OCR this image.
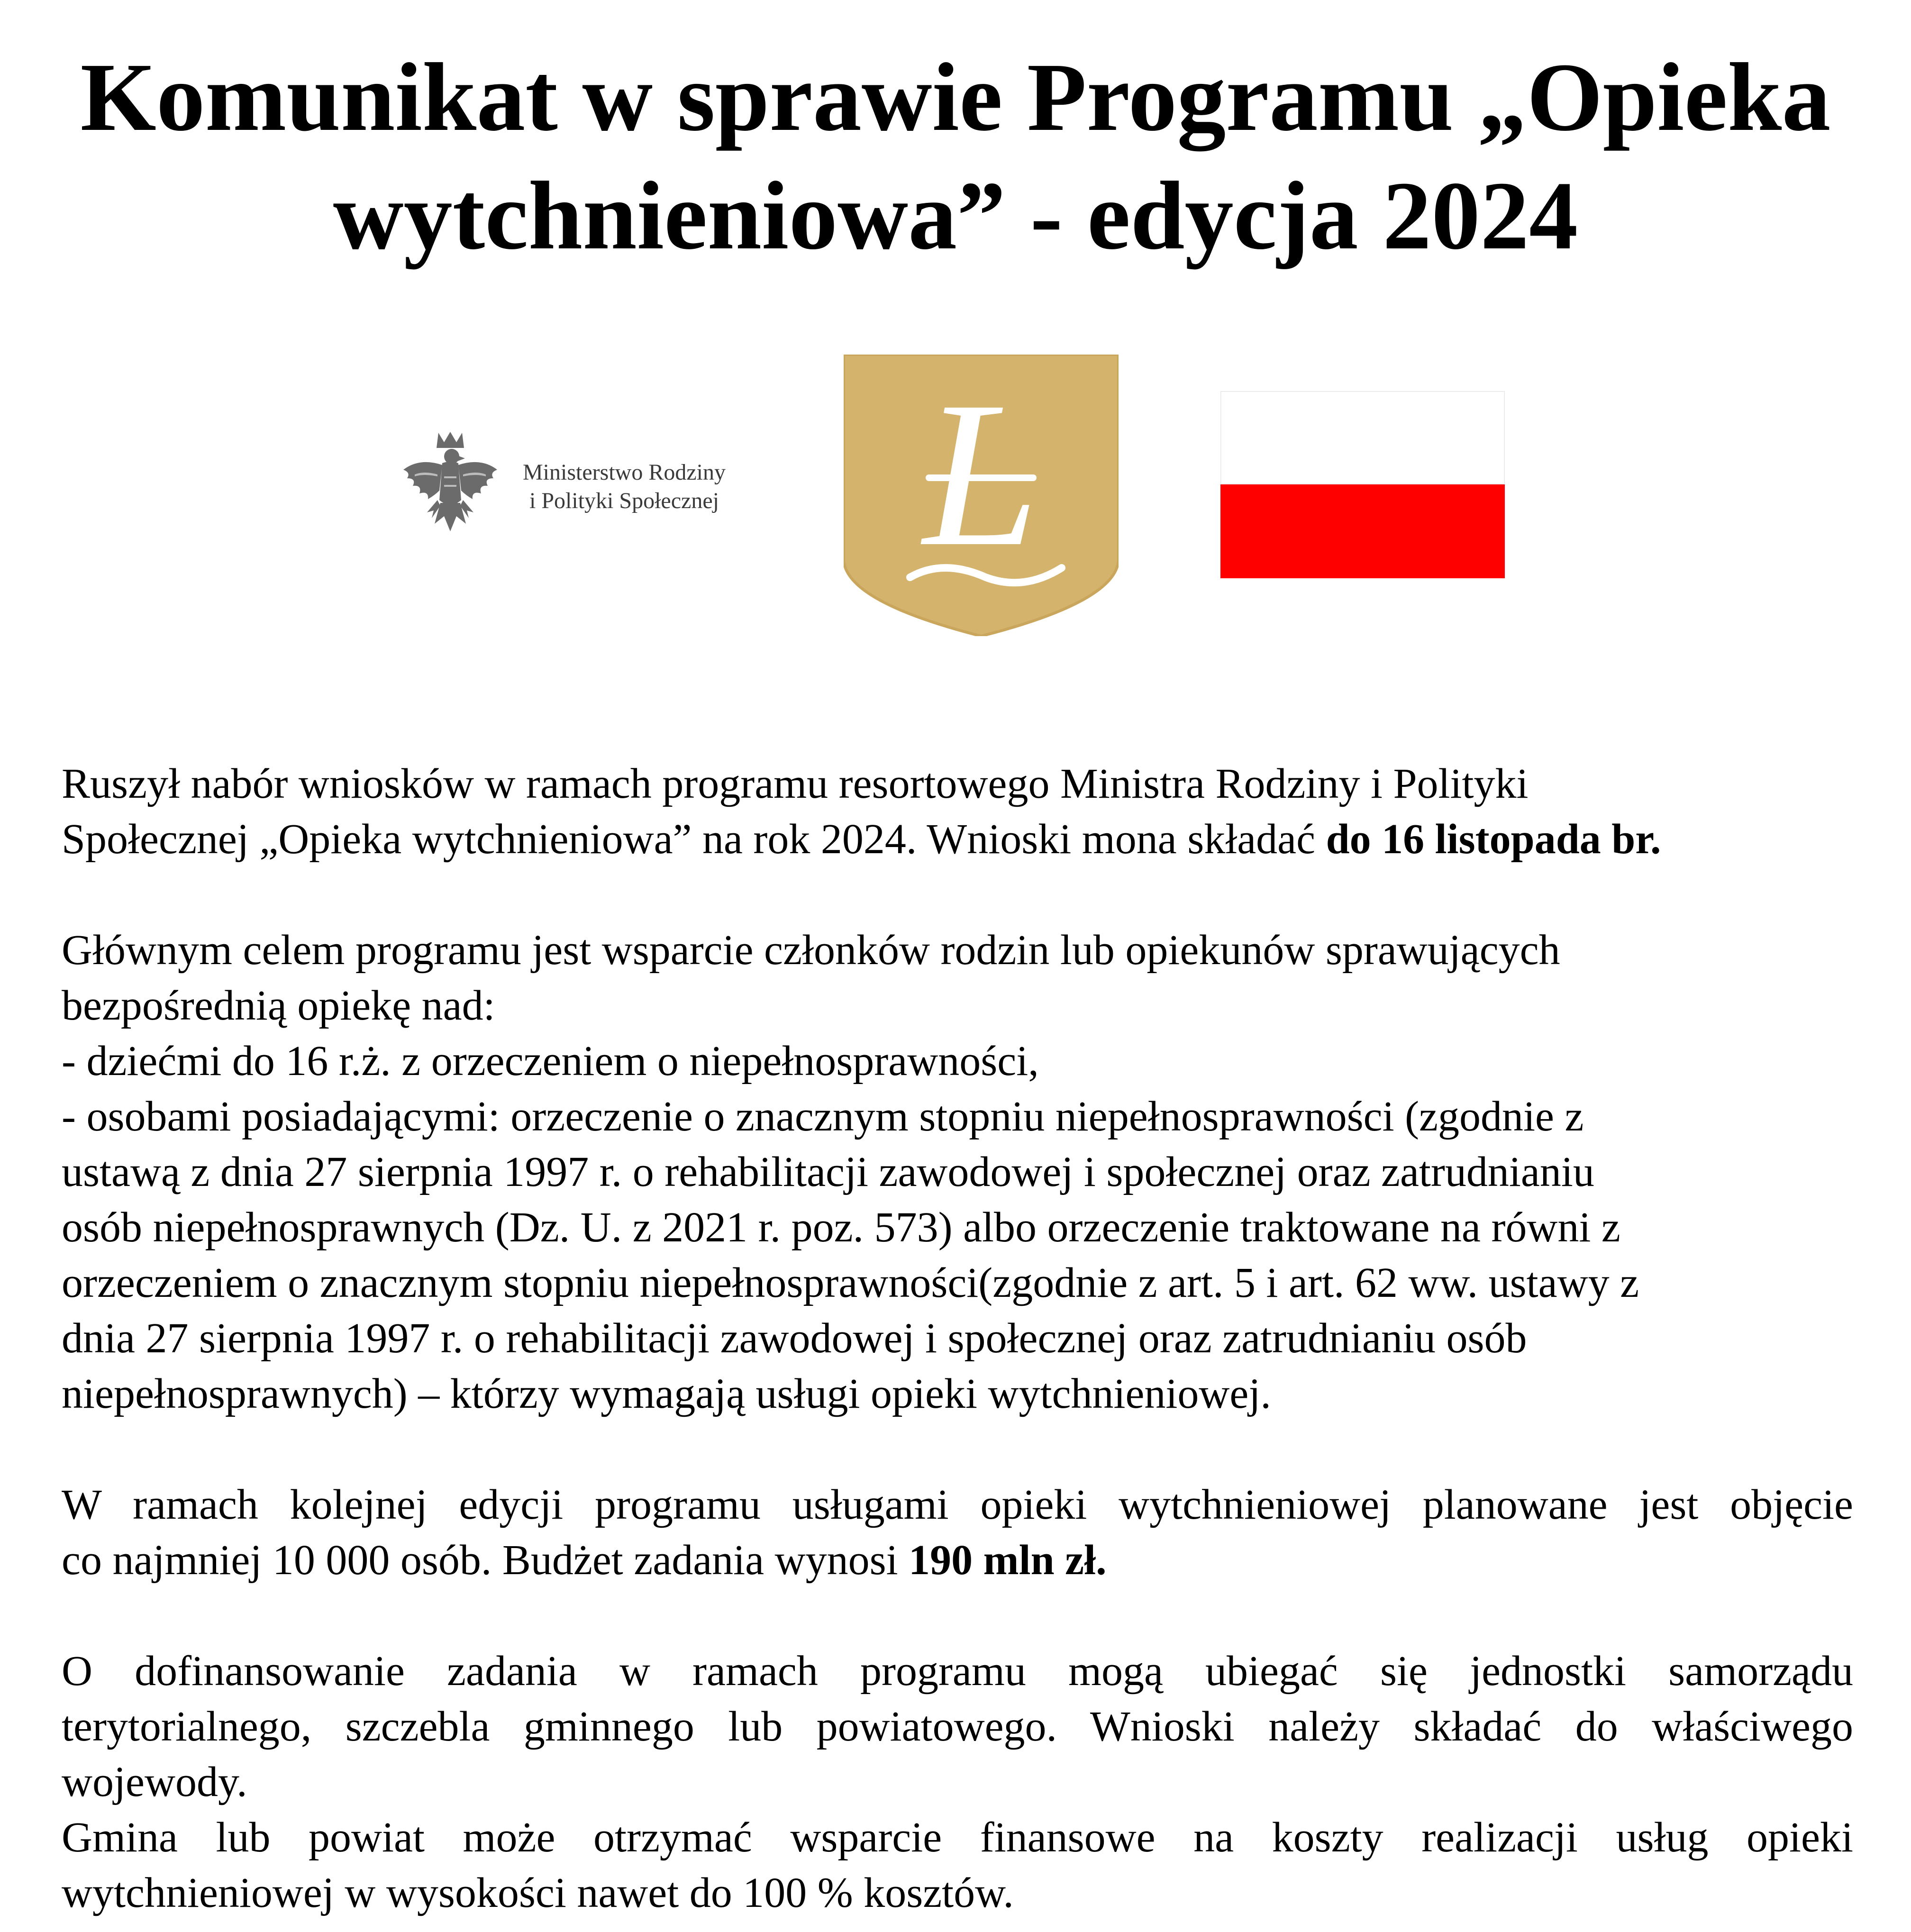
Komunikat w sprawie Programu „Opieka
wytchnieniowa” - edycja 2024
Ministerstwo Rodziny
i Polityki Społecznej L

Ruszył nabór wniosków w ramach programu resortowego Ministra Rodziny i Polityki
Społecznej „Opieka wytchnieniowa” na rok 2024. Wnioski mona składać do 16 listopada br.

Głównym celem programu jest wsparcie członków rodzin lub opiekunów sprawujących
bezpośrednią opiekę nad:
- dziećmi do 16 r.ż. z orzeczeniem o niepełnosprawności,
- osobami posiadającymi: orzeczenie o znacznym stopniu niepełnosprawności (zgodnie z
ustawą z dnia 27 sierpnia 1997 r. o rehabilitacji zawodowej i społecznej oraz zatrudnianiu
osób niepełnosprawnych (Dz. U. z 2021 r. poz. 573) albo orzeczenie traktowane na równi z
orzeczeniem o znacznym stopniu niepełnosprawności(zgodnie z art. 5 i art. 62 ww. ustawy z
dnia 27 sierpnia 1997 r. o rehabilitacji zawodowej i społecznej oraz zatrudnianiu osób
niepełnosprawnych) – którzy wymagają usługi opieki wytchnieniowej.

W ramach kolejnej edycji programu usługami opieki wytchnieniowej planowane jest objęcie
co najmniej 10 000 osób. Budżet zadania wynosi 190 mln zł.

O dofinansowanie zadania w ramach programu mogą ubiegać się jednostki samorządu
terytorialnego, szczebla gminnego lub powiatowego. Wnioski należy składać do właściwego
wojewody.
Gmina lub powiat może otrzymać wsparcie finansowe na koszty realizacji usług opieki
wytchnieniowej w wysokości nawet do 100 % kosztów.
